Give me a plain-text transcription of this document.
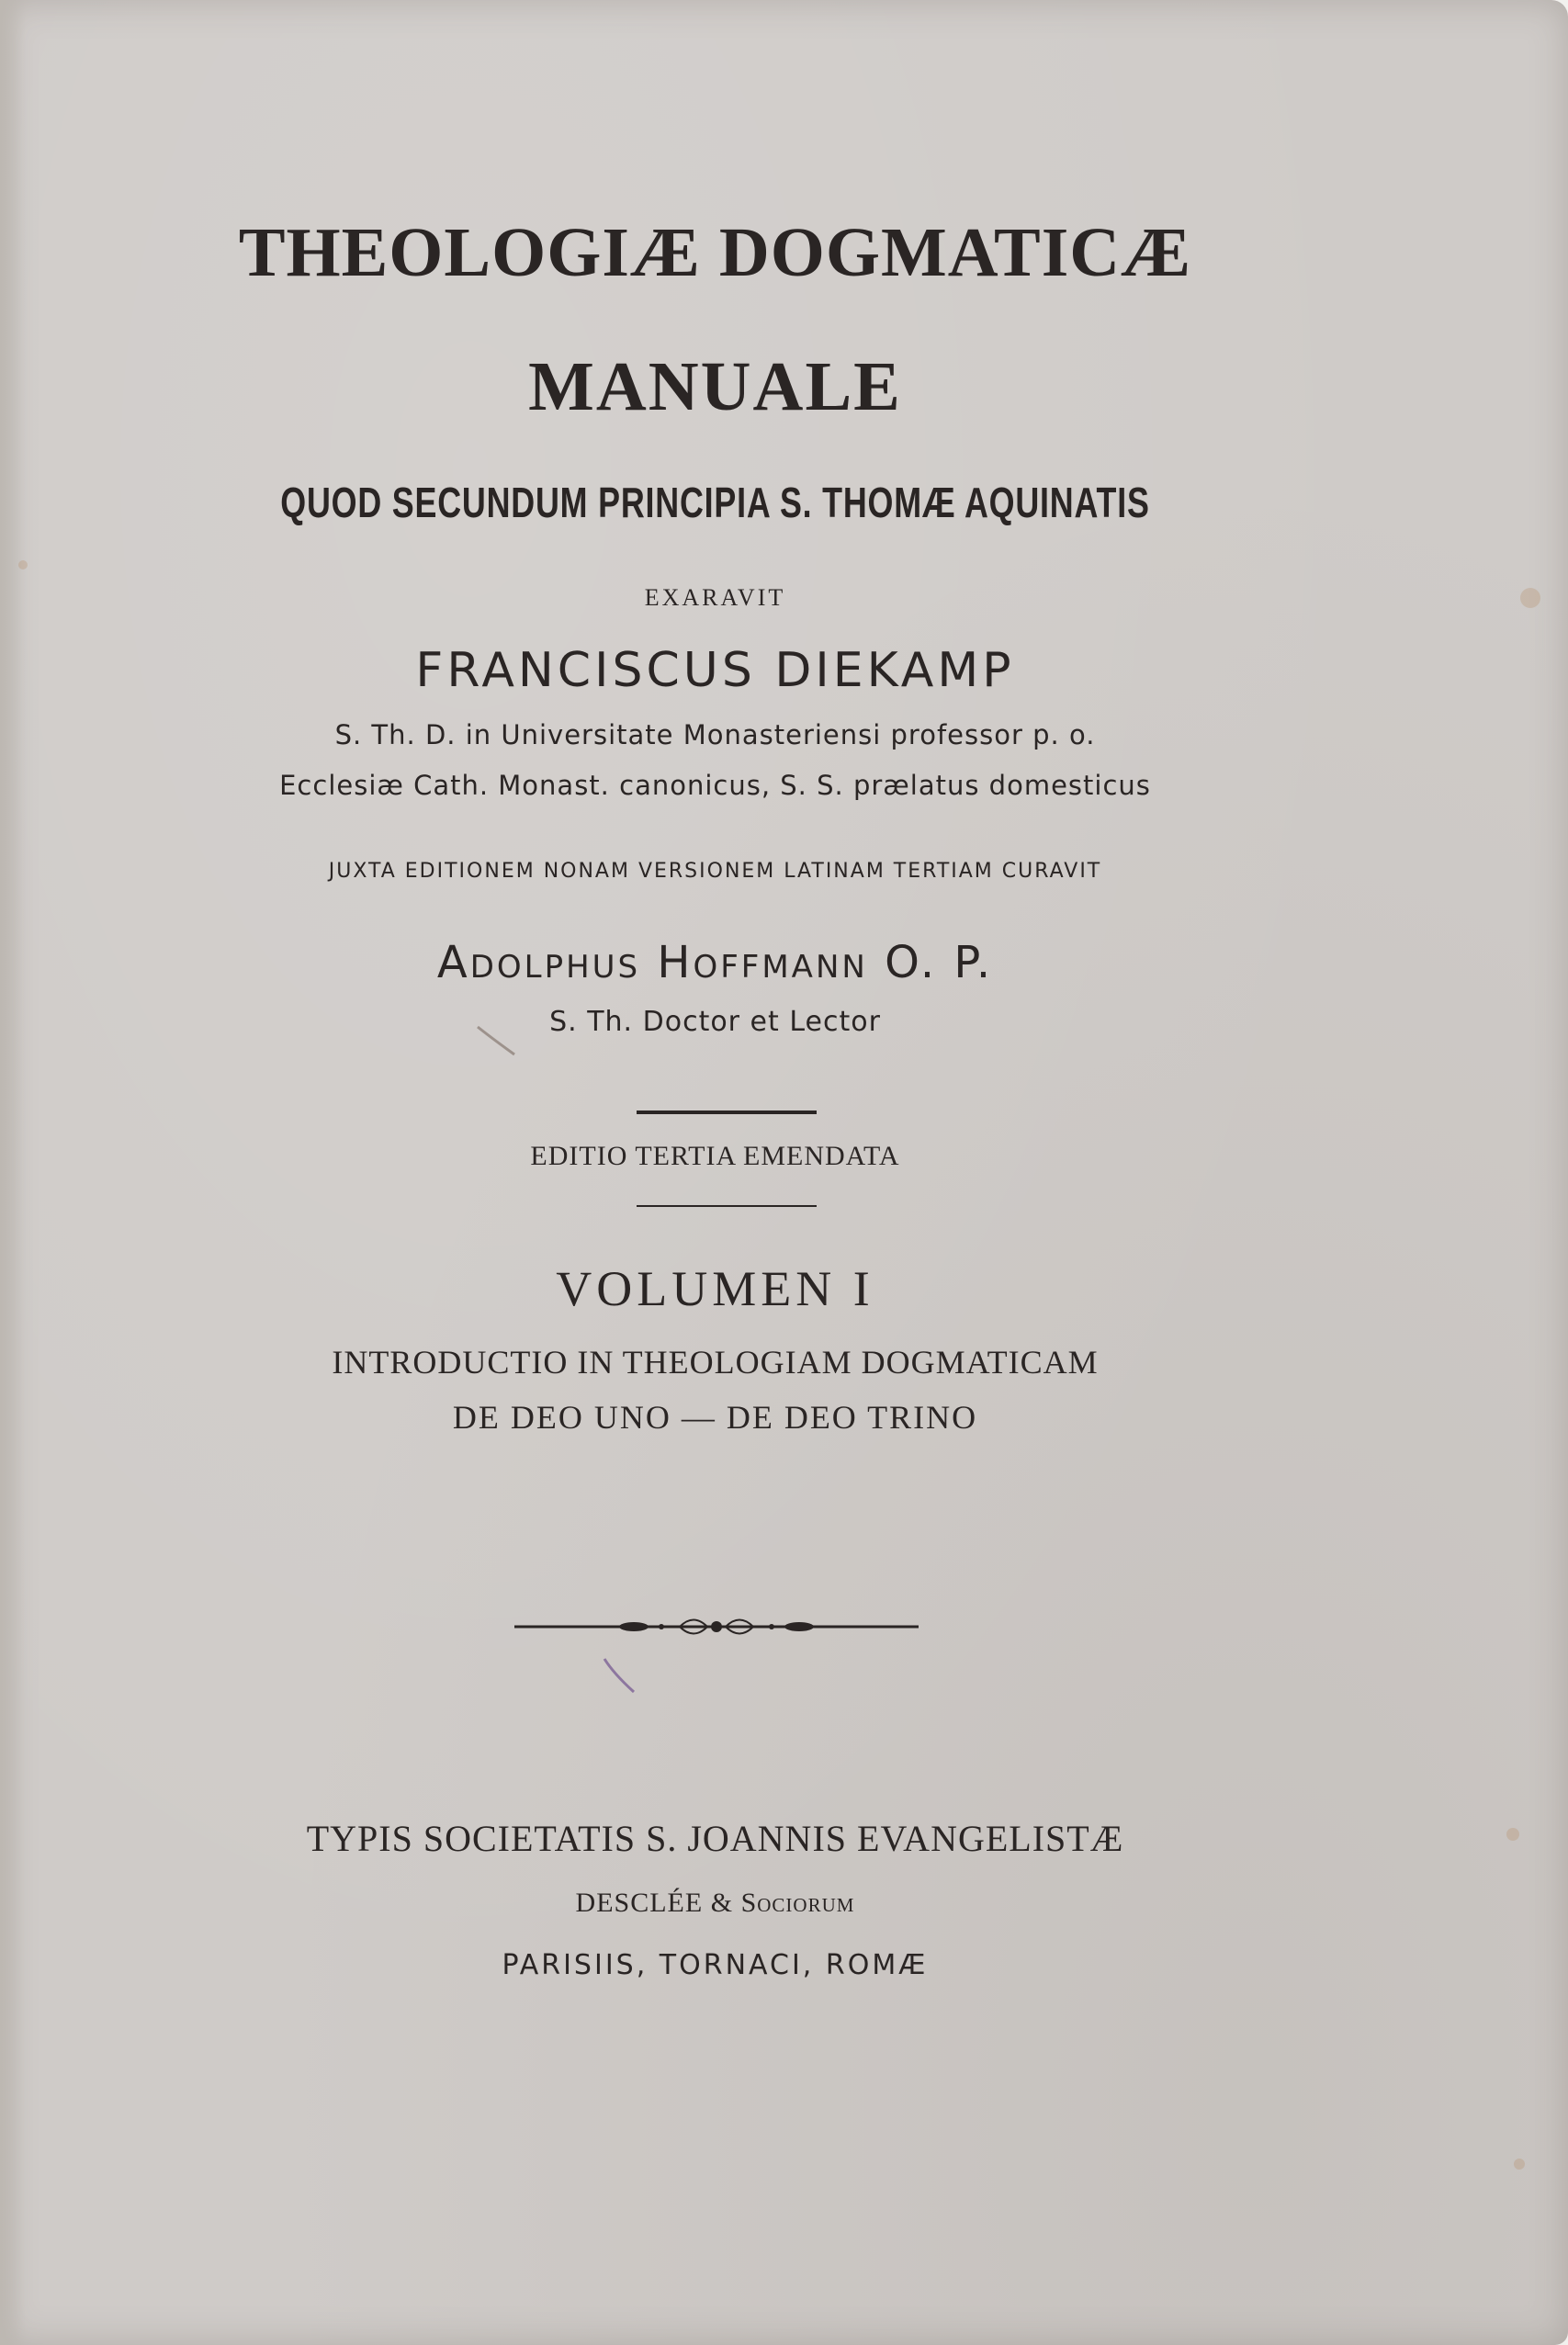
THEOLOGIÆ DOGMATICÆ
MANUALE
QUOD SECUNDUM PRINCIPIA S. THOMÆ AQUINATIS
EXARAVIT
FRANCISCUS DIEKAMP
S. Th. D. in Universitate Monasteriensi professor p. o.
Ecclesiæ Cath. Monast. canonicus, S. S. prælatus domesticus
JUXTA EDITIONEM NONAM VERSIONEM LATINAM TERTIAM CURAVIT
Adolphus Hoffmann O. P.
S. Th. Doctor et Lector
EDITIO TERTIA EMENDATA
VOLUMEN I
INTRODUCTIO IN THEOLOGIAM DOGMATICAM
DE DEO UNO — DE DEO TRINO
TYPIS SOCIETATIS S. JOANNIS EVANGELISTÆ
DESCLÉE & Sociorum
PARISIIS, TORNACI, ROMÆ
